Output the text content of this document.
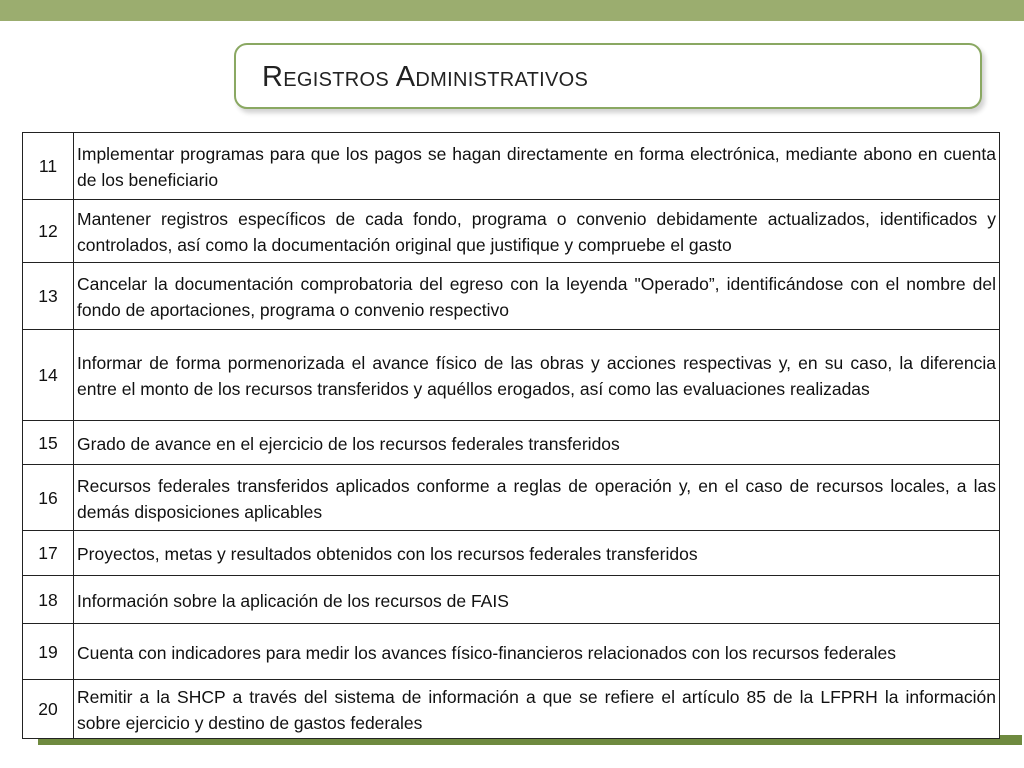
Registros Administrativos
11	Implementar programas para que los pagos se hagan directamente en forma electrónica, mediante abono en cuenta de los beneficiario
12	Mantener registros específicos de cada fondo, programa o convenio debidamente actualizados, identificados y controlados, así como la documentación original que justifique y compruebe el gasto
13	Cancelar la documentación comprobatoria del egreso con la leyenda "Operado”, identificándose con el nombre del fondo de aportaciones, programa o convenio respectivo
14	Informar de forma pormenorizada el avance físico de las obras y acciones respectivas y, en su caso, la diferencia entre el monto de los recursos transferidos y aquéllos erogados, así como las evaluaciones realizadas
15	Grado de avance en el ejercicio de los recursos federales transferidos
16	Recursos federales transferidos aplicados conforme a reglas de operación y, en el caso de recursos locales, a las demás disposiciones aplicables
17	Proyectos, metas y resultados obtenidos con los recursos federales transferidos
18	Información sobre la aplicación de los recursos de FAIS
19	Cuenta con indicadores para medir los avances físico-financieros relacionados con los recursos federales
20	Remitir a la SHCP a través del sistema de información a que se refiere el artículo 85 de la LFPRH la información sobre ejercicio y destino de gastos federales
